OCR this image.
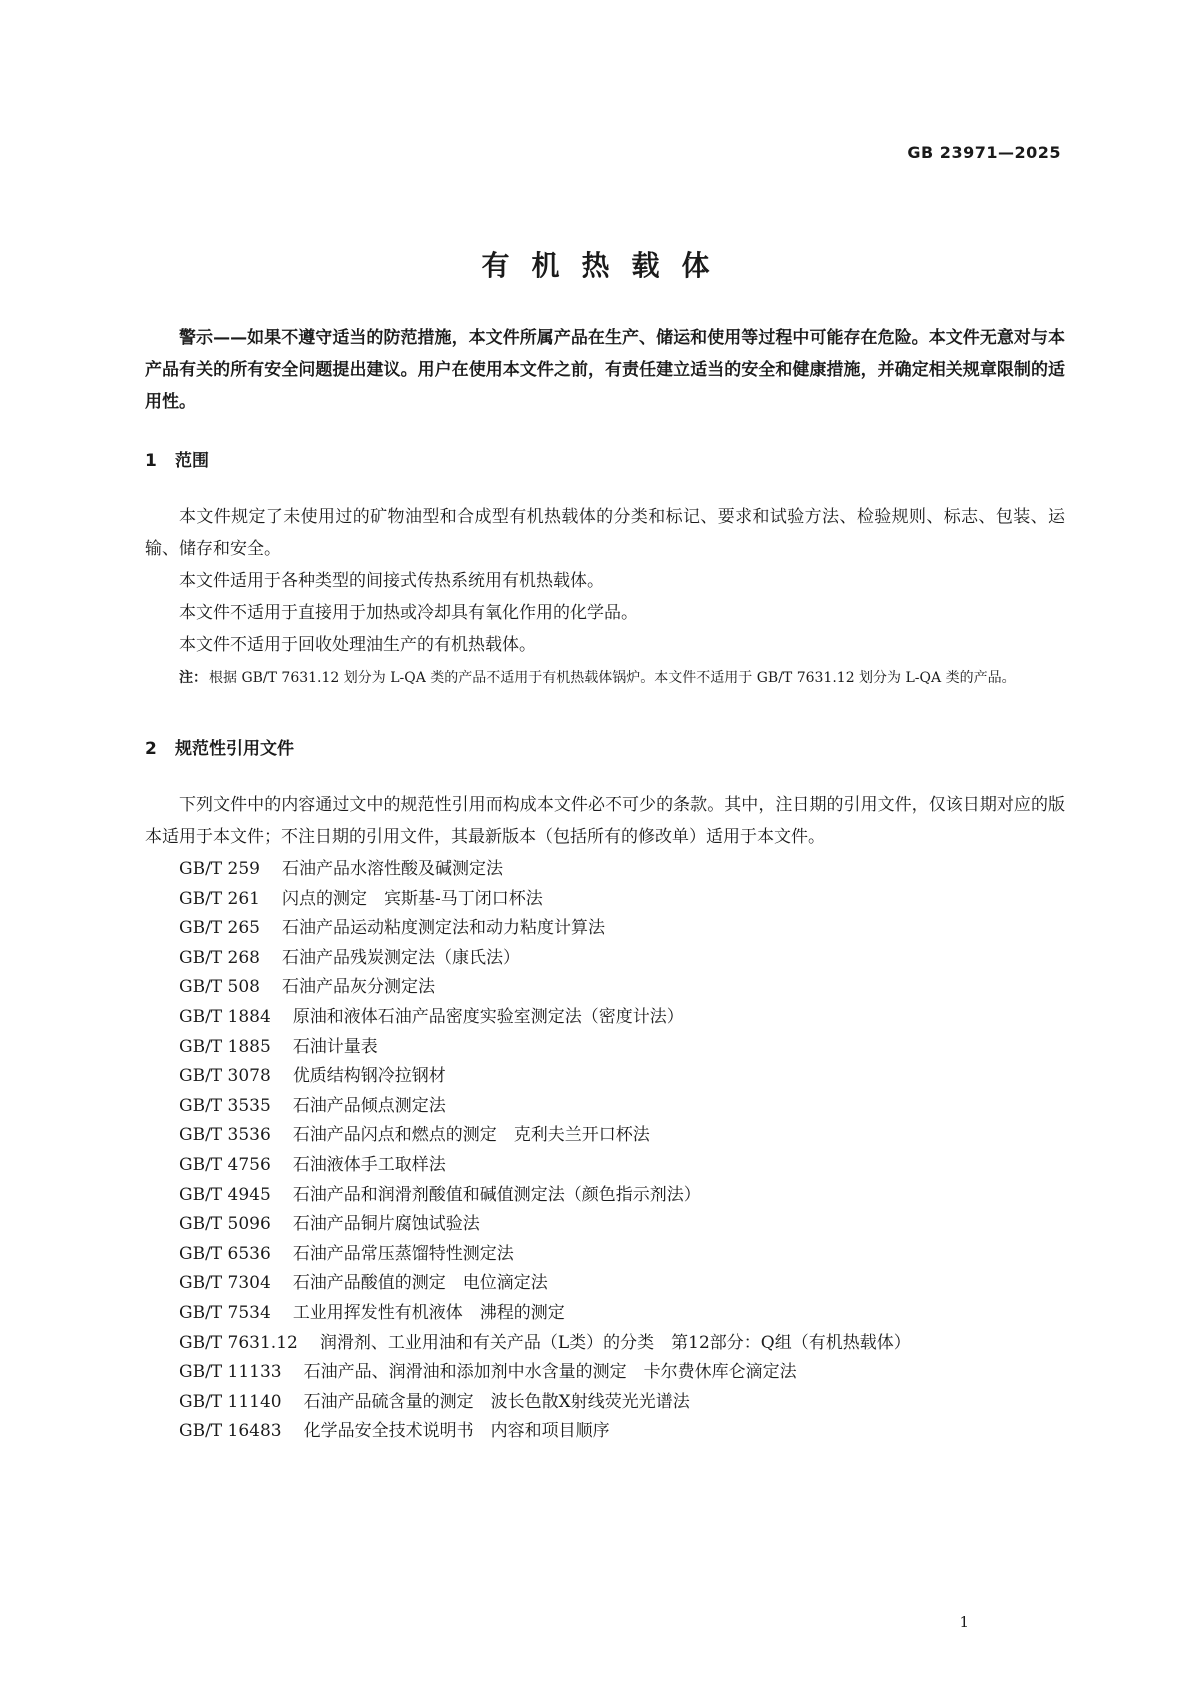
GB 23971—2025
有机热载体

警示——如果不遵守适当的防范措施，本文件所属产品在生产、储运和使用等过程中可能存在危险。本文件无意对与本产品有关的所有安全问题提出建议。用户在使用本文件之前，有责任建立适当的安全和健康措施，并确定相关规章限制的适用性。

1 范围

本文件规定了未使用过的矿物油型和合成型有机热载体的分类和标记、要求和试验方法、检验规则、标志、包装、运输、储存和安全。

本文件适用于各种类型的间接式传热系统用有机热载体。

本文件不适用于直接用于加热或冷却具有氧化作用的化学品。

本文件不适用于回收处理油生产的有机热载体。

注： 根据 GB/T 7631.12 划分为 L-QA 类的产品不适用于有机热载体锅炉。本文件不适用于 GB/T 7631.12 划分为 L-QA 类的产品。

2 规范性引用文件

下列文件中的内容通过文中的规范性引用而构成本文件必不可少的条款。其中，注日期的引用文件，仅该日期对应的版本适用于本文件；不注日期的引用文件，其最新版本（包括所有的修改单）适用于本文件。

GB/T 259 石油产品水溶性酸及碱测定法
GB/T 261 闪点的测定　宾斯基-马丁闭口杯法
GB/T 265 石油产品运动粘度测定法和动力粘度计算法
GB/T 268 石油产品残炭测定法（康氏法）
GB/T 508 石油产品灰分测定法
GB/T 1884 原油和液体石油产品密度实验室测定法（密度计法）
GB/T 1885 石油计量表
GB/T 3078 优质结构钢冷拉钢材
GB/T 3535 石油产品倾点测定法
GB/T 3536 石油产品闪点和燃点的测定　克利夫兰开口杯法
GB/T 4756 石油液体手工取样法
GB/T 4945 石油产品和润滑剂酸值和碱值测定法（颜色指示剂法）
GB/T 5096 石油产品铜片腐蚀试验法
GB/T 6536 石油产品常压蒸馏特性测定法
GB/T 7304 石油产品酸值的测定　电位滴定法
GB/T 7534 工业用挥发性有机液体　沸程的测定
GB/T 7631.12 润滑剂、工业用油和有关产品（L类）的分类　第12部分：Q组（有机热载体）
GB/T 11133 石油产品、润滑油和添加剂中水含量的测定　卡尔费休库仑滴定法
GB/T 11140 石油产品硫含量的测定　波长色散X射线荧光光谱法
GB/T 16483 化学品安全技术说明书　内容和项目顺序
1
